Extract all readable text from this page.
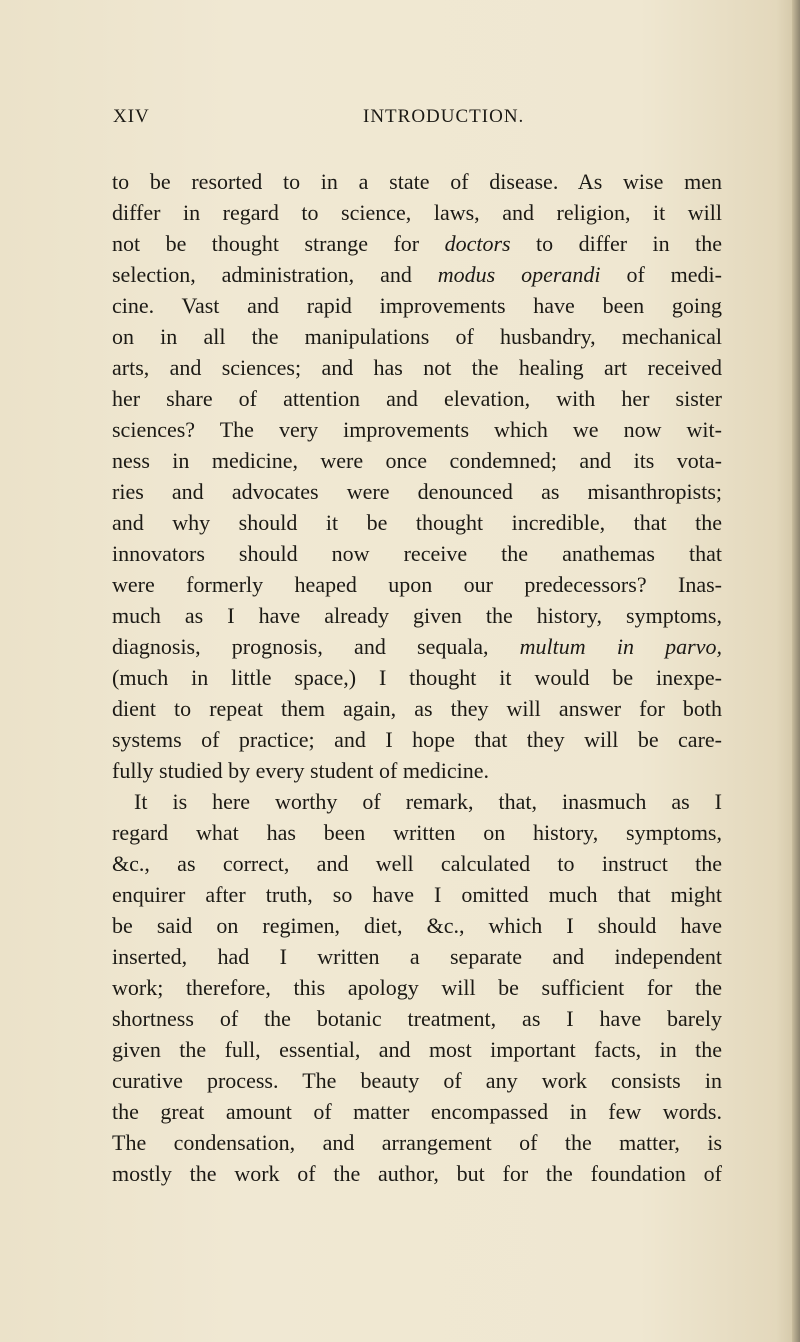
XIV	INTRODUCTION.
to be resorted to in a state of disease. As wise men
differ in regard to science, laws, and religion, it will
not be thought strange for doctors to differ in the
selection, administration, and modus operandi of medi-
cine. Vast and rapid improvements have been going
on in all the manipulations of husbandry, mechanical
arts, and sciences; and has not the healing art received
her share of attention and elevation, with her sister
sciences? The very improvements which we now wit-
ness in medicine, were once condemned; and its vota-
ries and advocates were denounced as misanthropists;
and why should it be thought incredible, that the
innovators should now receive the anathemas that
were formerly heaped upon our predecessors? Inas-
much as I have already given the history, symptoms,
diagnosis, prognosis, and sequala, multum in parvo,
(much in little space,) I thought it would be inexpe-
dient to repeat them again, as they will answer for both
systems of practice; and I hope that they will be care-
fully studied by every student of medicine.
It is here worthy of remark, that, inasmuch as I
regard what has been written on history, symptoms,
&c., as correct, and well calculated to instruct the
enquirer after truth, so have I omitted much that might
be said on regimen, diet, &c., which I should have
inserted, had I written a separate and independent
work; therefore, this apology will be sufficient for the
shortness of the botanic treatment, as I have barely
given the full, essential, and most important facts, in the
curative process. The beauty of any work consists in
the great amount of matter encompassed in few words.
The condensation, and arrangement of the matter, is
mostly the work of the author, but for the foundation of
